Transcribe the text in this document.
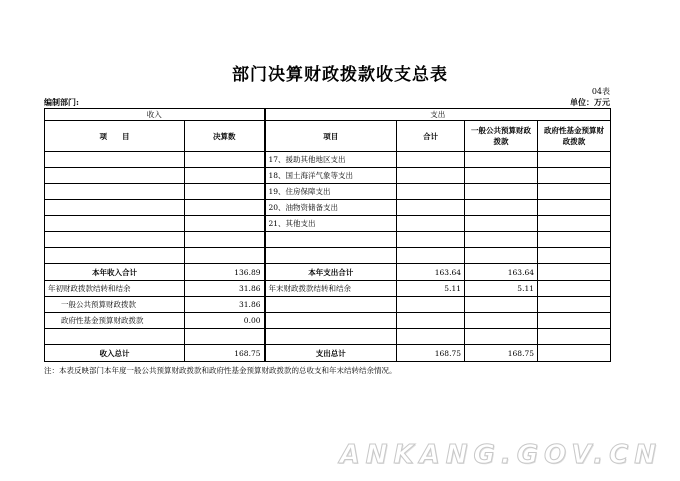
部门决算财政拨款收支总表
04表
编制部门:	单位：万元
收入		支出			
项　　目	决算数	项目	合计	一般公共预算财政拨款	政府性基金预算财政拨款
		17、援助其他地区支出			
		18、国土海洋气象等支出			
		19、住房保障支出			
		20、油物资储备支出			
		21、其他支出			

本年收入合计	136.89	本年支出合计	163.64	163.64	
年初财政拨款结转和结余	31.86	年末财政拨款结转和结余	5.11	5.11	
一般公共预算财政拨款	31.86				
政府性基金预算财政拨款	0.00				

收入总计	168.75	支出总计	168.75	168.75	
注：本表反映部门本年度一般公共预算财政拨款和政府性基金预算财政拨款的总收支和年末结转结余情况。
ANKANG.GOV.CN
